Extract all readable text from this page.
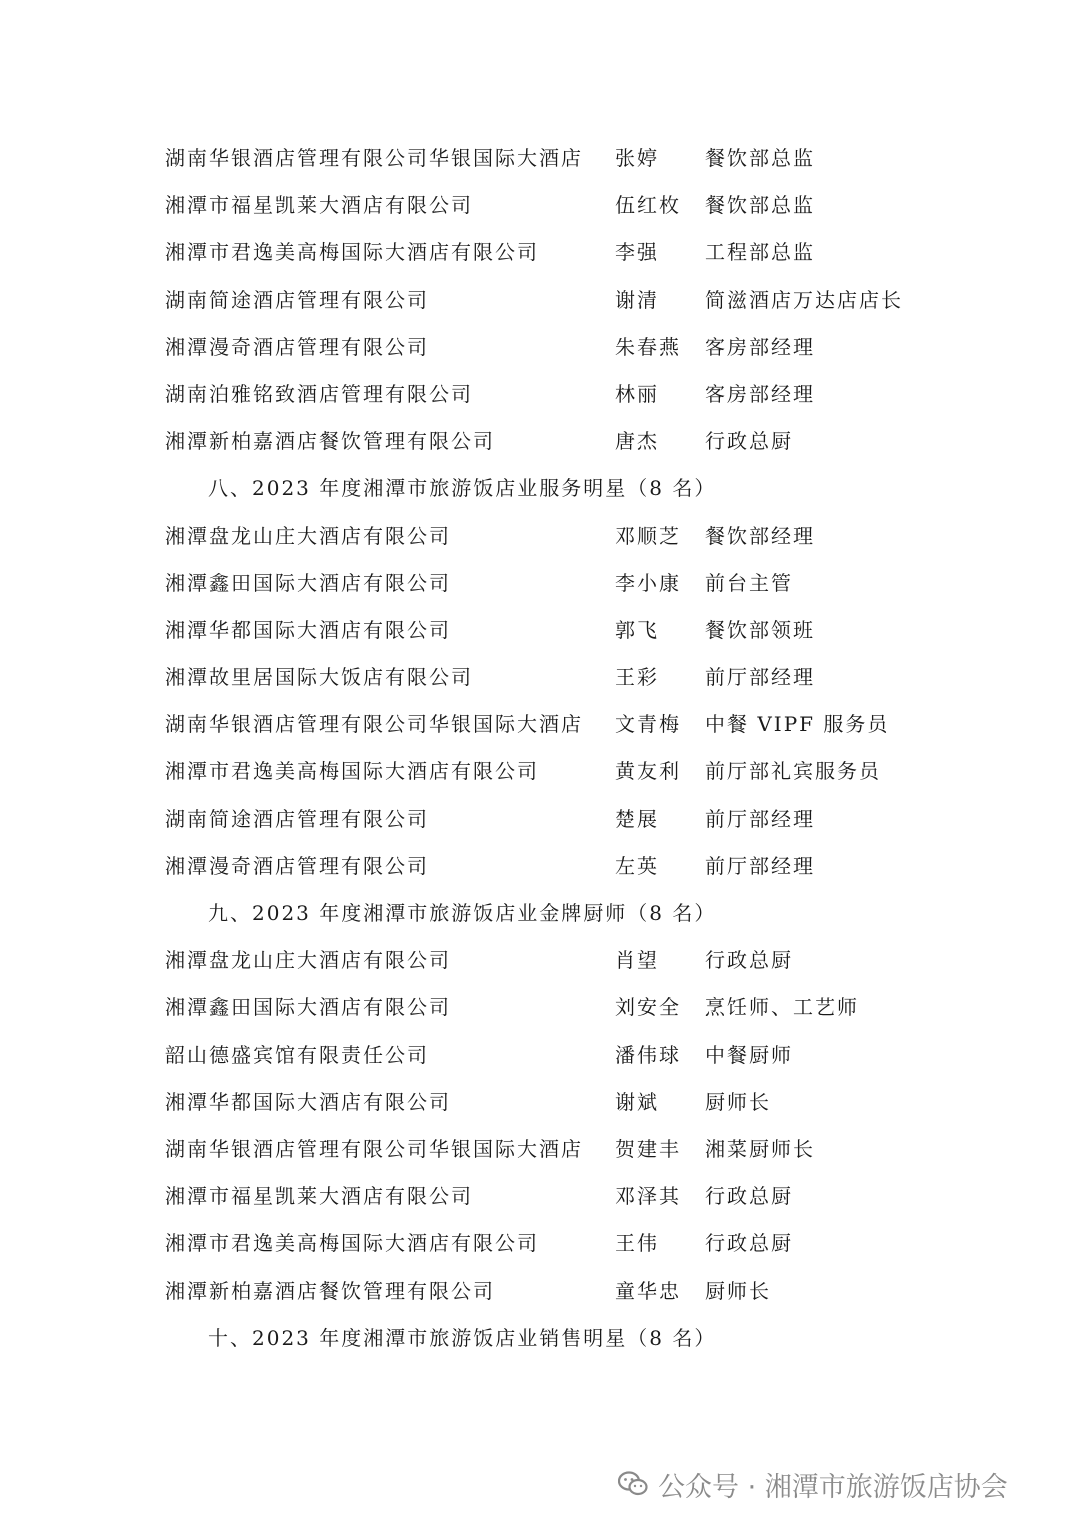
湖南华银酒店管理有限公司华银国际大酒店 张婷 餐饮部总监
湘潭市福星凯莱大酒店有限公司	伍红枚 餐饮部总监
湘潭市君逸美高梅国际大酒店有限公司	李强 工程部总监
湖南简途酒店管理有限公司	谢清 简滋酒店万达店店长
湘潭漫奇酒店管理有限公司	朱春燕 客房部经理
湖南泊雅铭致酒店管理有限公司	林丽 客房部经理
湘潭新柏嘉酒店餐饮管理有限公司	唐杰 行政总厨
八、2023 年度湘潭市旅游饭店业服务明星（8 名）
湘潭盘龙山庄大酒店有限公司	邓顺芝 餐饮部经理
湘潭鑫田国际大酒店有限公司	李小康 前台主管
湘潭华都国际大酒店有限公司	郭飞 餐饮部领班
湘潭故里居国际大饭店有限公司	王彩 前厅部经理
湖南华银酒店管理有限公司华银国际大酒店 文青梅 中餐 VIPF 服务员
湘潭市君逸美高梅国际大酒店有限公司	黄友利 前厅部礼宾服务员
湖南简途酒店管理有限公司	楚展 前厅部经理
湘潭漫奇酒店管理有限公司	左英 前厅部经理
九、2023 年度湘潭市旅游饭店业金牌厨师（8 名）
湘潭盘龙山庄大酒店有限公司	肖望 行政总厨
湘潭鑫田国际大酒店有限公司	刘安全 烹饪师、工艺师
韶山德盛宾馆有限责任公司	潘伟球 中餐厨师
湘潭华都国际大酒店有限公司	谢斌 厨师长
湖南华银酒店管理有限公司华银国际大酒店 贺建丰 湘菜厨师长
湘潭市福星凯莱大酒店有限公司	邓泽其 行政总厨
湘潭市君逸美高梅国际大酒店有限公司	王伟 行政总厨
湘潭新柏嘉酒店餐饮管理有限公司	童华忠 厨师长
十、2023 年度湘潭市旅游饭店业销售明星（8 名）
公众号 · 湘潭市旅游饭店协会
